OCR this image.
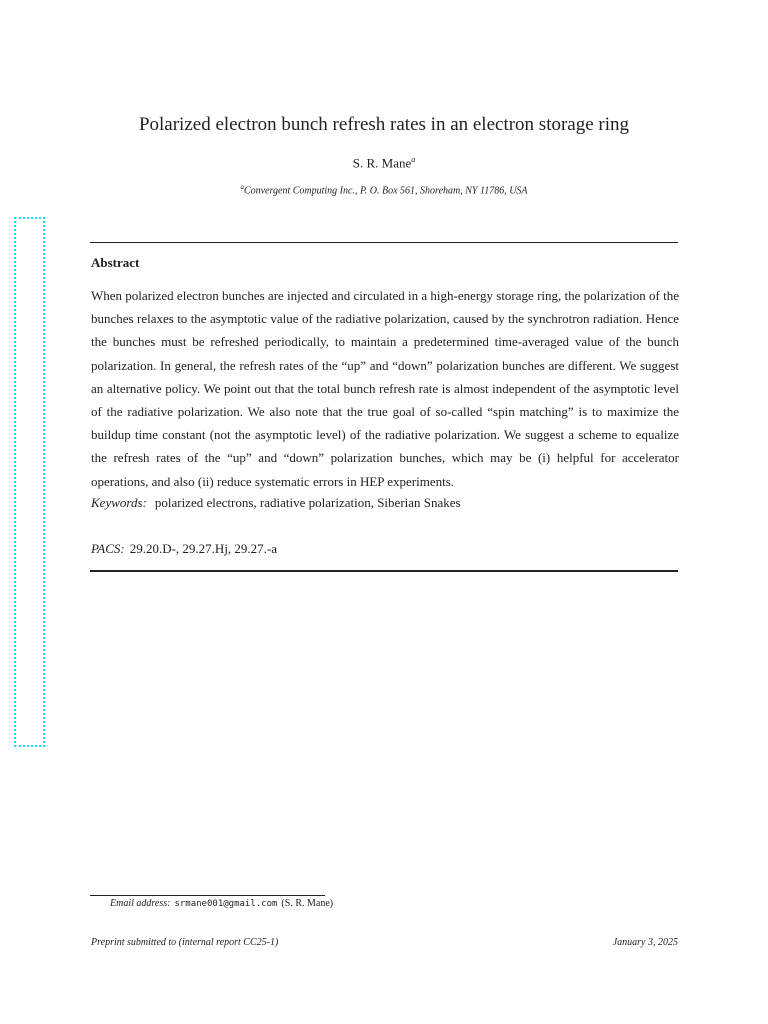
Polarized electron bunch refresh rates in an electron storage ring
S. R. Mane$^a$
$^a$Convergent Computing Inc., P. O. Box 561, Shoreham, NY 11786, USA
Abstract
When polarized electron bunches are injected and circulated in a high-energy storage ring, the polarization of the bunches relaxes to the asymptotic value of the radiative polarization, caused by the synchrotron radiation. Hence the bunches must be refreshed periodically, to maintain a predetermined time-averaged value of the bunch polarization. In general, the refresh rates of the “up” and “down” polarization bunches are different. We suggest an alternative policy. We point out that the total bunch refresh rate is almost independent of the asymptotic level of the radiative polarization. We also note that the true goal of so-called “spin matching” is to maximize the buildup time constant (not the asymptotic level) of the radiative polarization. We suggest a scheme to equalize the refresh rates of the “up” and “down” polarization bunches, which may be (i) helpful for accelerator operations, and also (ii) reduce systematic errors in HEP experiments.
Keywords: polarized electrons, radiative polarization, Siberian Snakes
PACS: 29.20.D-, 29.27.Hj, 29.27.-a
Email address: srmane001@gmail.com (S. R. Mane)
Preprint submitted to (internal report CC25-1)	January 3, 2025
